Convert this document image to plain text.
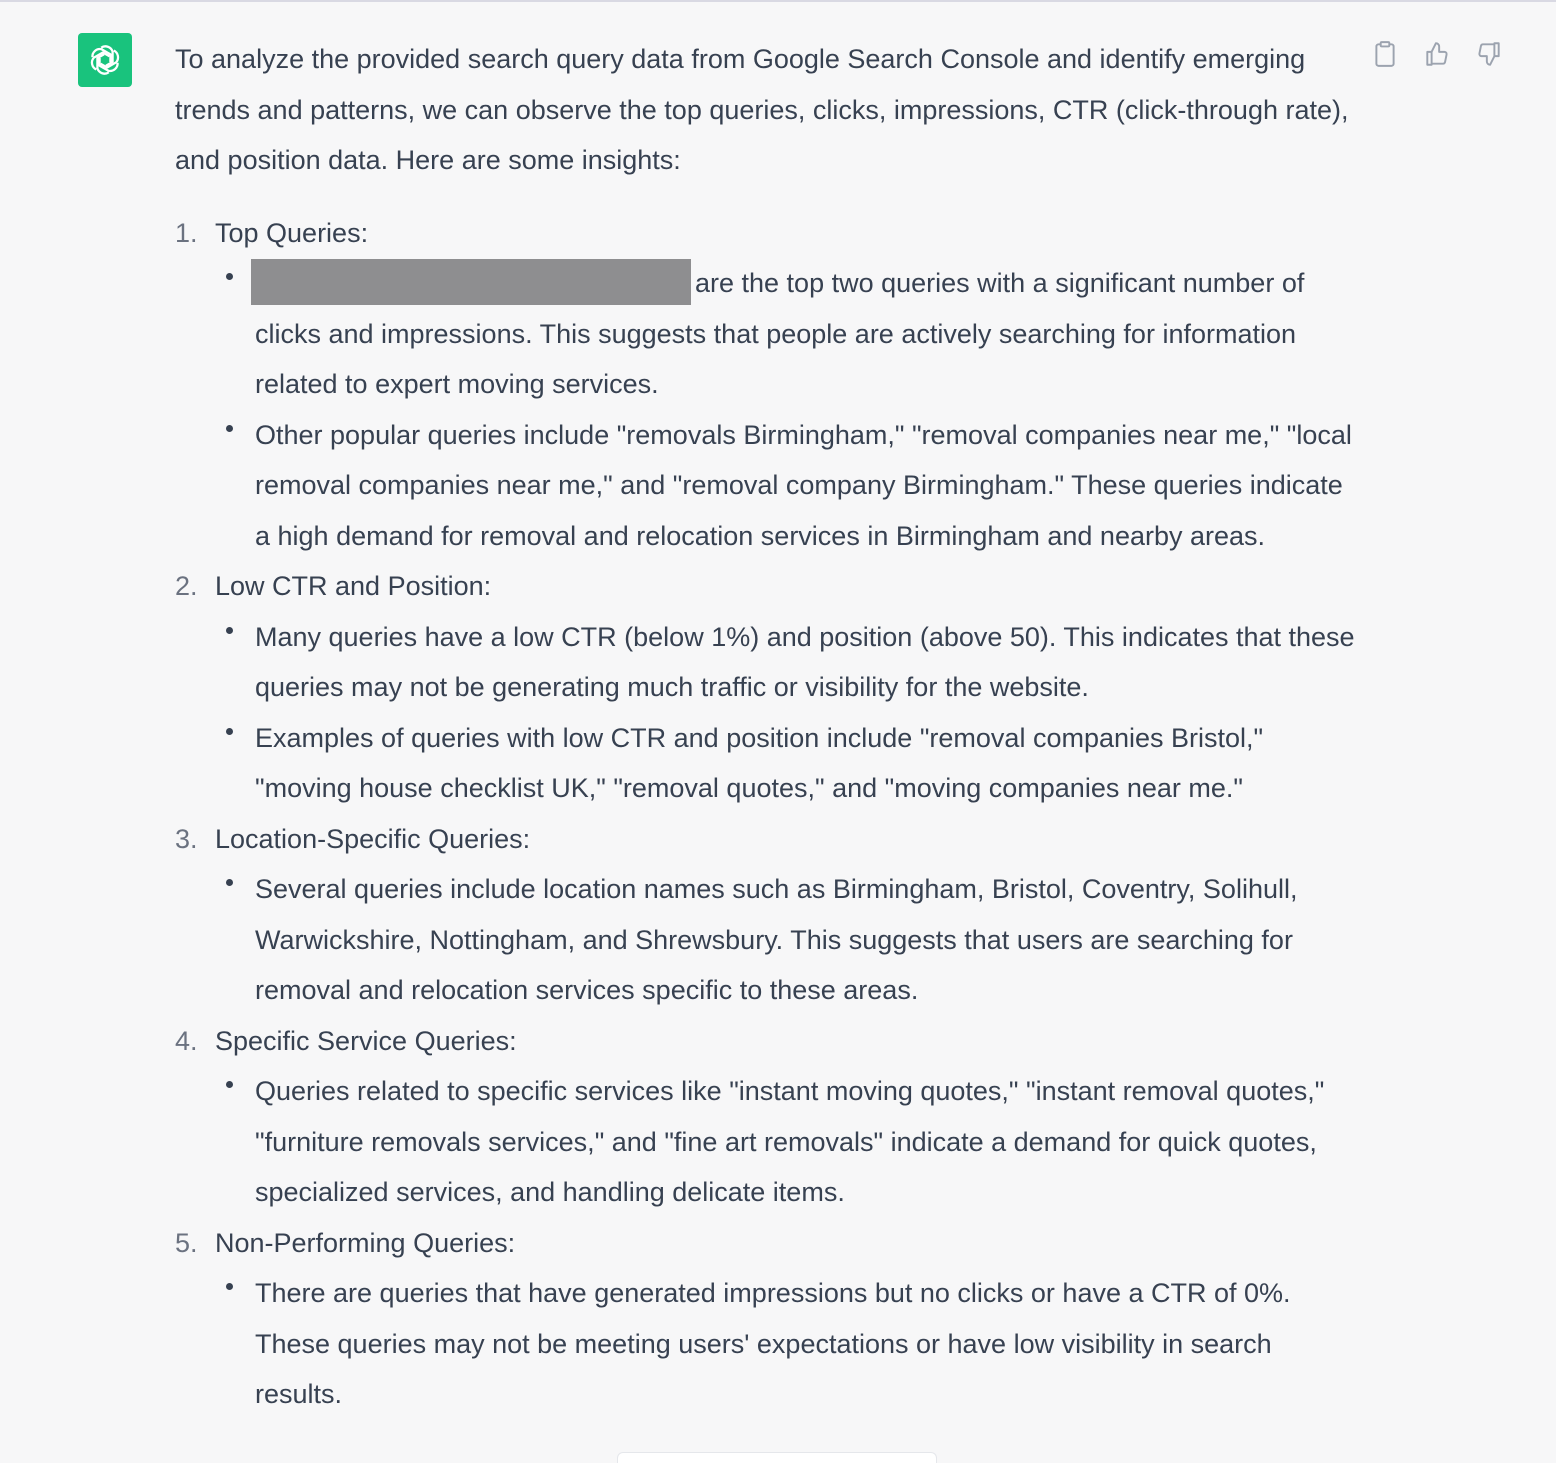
To analyze the provided search query data from Google Search Console and identify emerging trends and patterns, we can observe the top queries, clicks, impressions, CTR (click-through rate), and position data. Here are some insights:

1. Top Queries:
are the top two queries with a significant number of clicks and impressions. This suggests that people are actively searching for information related to expert moving services.
Other popular queries include "removals Birmingham," "removal companies near me," "local removal companies near me," and "removal company Birmingham." These queries indicate a high demand for removal and relocation services in Birmingham and nearby areas.
2. Low CTR and Position:
Many queries have a low CTR (below 1%) and position (above 50). This indicates that these queries may not be generating much traffic or visibility for the website.
Examples of queries with low CTR and position include "removal companies Bristol," "moving house checklist UK," "removal quotes," and "moving companies near me."
3. Location-Specific Queries:
Several queries include location names such as Birmingham, Bristol, Coventry, Solihull, Warwickshire, Nottingham, and Shrewsbury. This suggests that users are searching for removal and relocation services specific to these areas.
4. Specific Service Queries:
Queries related to specific services like "instant moving quotes," "instant removal quotes," "furniture removals services," and "fine art removals" indicate a demand for quick quotes, specialized services, and handling delicate items.
5. Non-Performing Queries:
There are queries that have generated impressions but no clicks or have a CTR of 0%. These queries may not be meeting users' expectations or have low visibility in search results.
